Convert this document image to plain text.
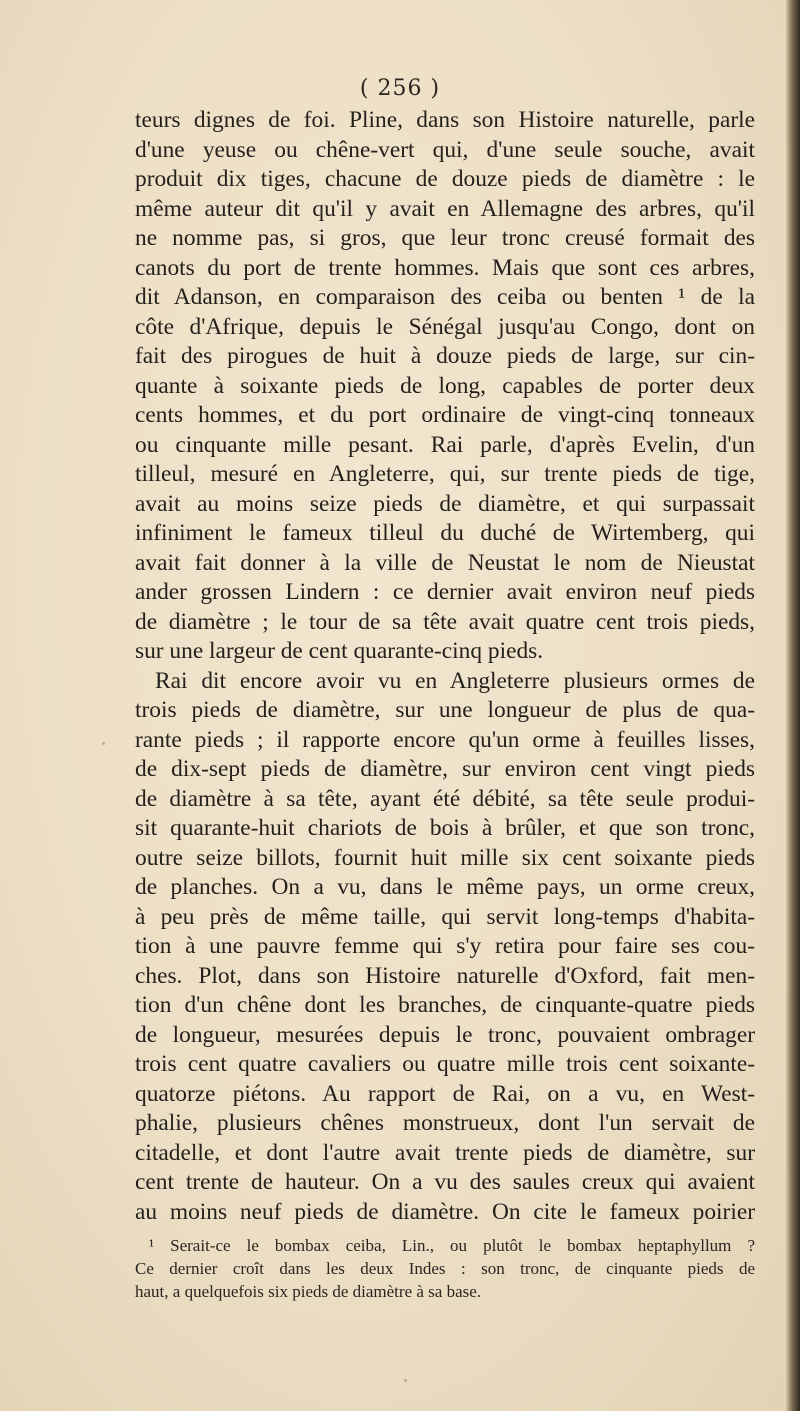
( 256 )
teurs dignes de foi. Pline, dans son Histoire naturelle, parle
d'une yeuse ou chêne-vert qui, d'une seule souche, avait
produit dix tiges, chacune de douze pieds de diamètre : le
même auteur dit qu'il y avait en Allemagne des arbres, qu'il
ne nomme pas, si gros, que leur tronc creusé formait des
canots du port de trente hommes. Mais que sont ces arbres,
dit Adanson, en comparaison des ceiba ou benten ¹ de la
côte d'Afrique, depuis le Sénégal jusqu'au Congo, dont on
fait des pirogues de huit à douze pieds de large, sur cin-
quante à soixante pieds de long, capables de porter deux
cents hommes, et du port ordinaire de vingt-cinq tonneaux
ou cinquante mille pesant. Rai parle, d'après Evelin, d'un
tilleul, mesuré en Angleterre, qui, sur trente pieds de tige,
avait au moins seize pieds de diamètre, et qui surpassait
infiniment le fameux tilleul du duché de Wirtemberg, qui
avait fait donner à la ville de Neustat le nom de Nieustat
ander grossen Lindern : ce dernier avait environ neuf pieds
de diamètre ; le tour de sa tête avait quatre cent trois pieds,
sur une largeur de cent quarante-cinq pieds.
Rai dit encore avoir vu en Angleterre plusieurs ormes de
trois pieds de diamètre, sur une longueur de plus de qua-
rante pieds ; il rapporte encore qu'un orme à feuilles lisses,
de dix-sept pieds de diamètre, sur environ cent vingt pieds
de diamètre à sa tête, ayant été débité, sa tête seule produi-
sit quarante-huit chariots de bois à brûler, et que son tronc,
outre seize billots, fournit huit mille six cent soixante pieds
de planches. On a vu, dans le même pays, un orme creux,
à peu près de même taille, qui servit long-temps d'habita-
tion à une pauvre femme qui s'y retira pour faire ses cou-
ches. Plot, dans son Histoire naturelle d'Oxford, fait men-
tion d'un chêne dont les branches, de cinquante-quatre pieds
de longueur, mesurées depuis le tronc, pouvaient ombrager
trois cent quatre cavaliers ou quatre mille trois cent soixante-
quatorze piétons. Au rapport de Rai, on a vu, en West-
phalie, plusieurs chênes monstrueux, dont l'un servait de
citadelle, et dont l'autre avait trente pieds de diamètre, sur
cent trente de hauteur. On a vu des saules creux qui avaient
au moins neuf pieds de diamètre. On cite le fameux poirier
¹ Serait-ce le bombax ceiba, Lin., ou plutôt le bombax heptaphyllum ?
Ce dernier croît dans les deux Indes : son tronc, de cinquante pieds de
haut, a quelquefois six pieds de diamètre à sa base.
